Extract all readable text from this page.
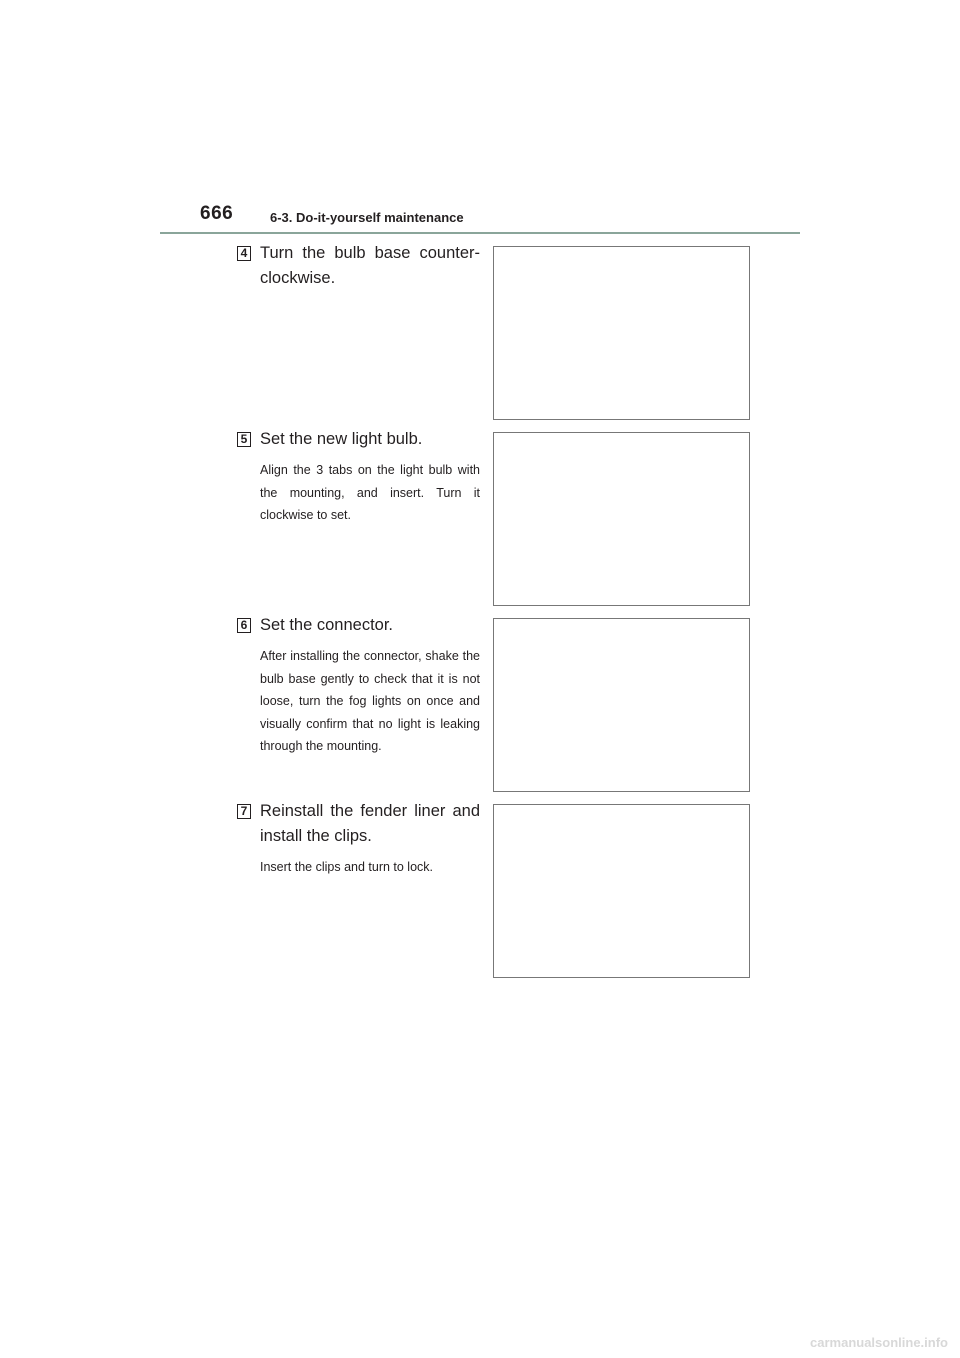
666	6-3. Do-it-yourself maintenance
4 Turn the bulb base counter-clockwise.
5 Set the new light bulb.
Align the 3 tabs on the light bulb with the mounting, and insert. Turn it clockwise to set.
6 Set the connector.
After installing the connector, shake the bulb base gently to check that it is not loose, turn the fog lights on once and visually confirm that no light is leaking through the mounting.
7 Reinstall the fender liner and install the clips.
Insert the clips and turn to lock.
carmanualsonline.info
